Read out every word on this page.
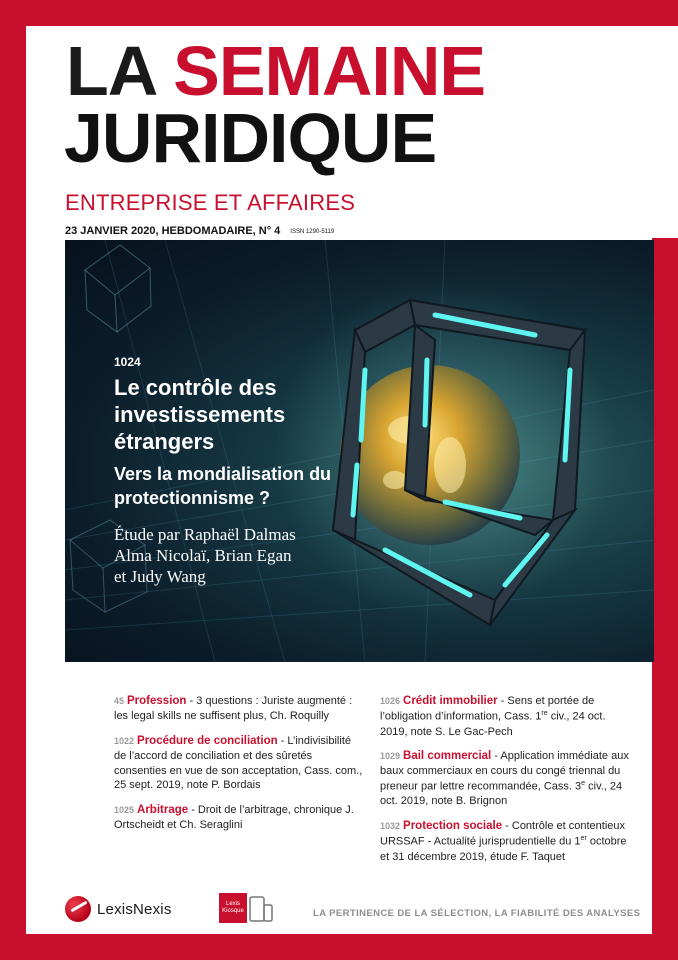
LA SEMAINE
JURIDIQUE
ENTREPRISE ET AFFAIRES
23 JANVIER 2020, HEBDOMADAIRE, N° 4 ISSN 1290-5119
1024
Le contrôle des
investissements
étrangers
Vers la mondialisation du
protectionnisme ?
Étude par Raphaël Dalmas
Alma Nicolaï, Brian Egan
et Judy Wang
45 Profession - 3 questions : Juriste augmenté : les legal skills ne suffisent plus, Ch. Roquilly
1022 Procédure de conciliation - L’indivisibilité de l’accord de conciliation et des sûretés consenties en vue de son acceptation, Cass. com., 25 sept. 2019, note P. Bordais
1025 Arbitrage - Droit de l’arbitrage, chronique J. Ortscheidt et Ch. Seraglini
1026 Crédit immobilier - Sens et portée de l’obligation d’information, Cass. 1re civ., 24 oct. 2019, note S. Le Gac-Pech
1029 Bail commercial - Application immédiate aux baux commerciaux en cours du congé triennal du preneur par lettre recommandée, Cass. 3e civ., 24 oct. 2019, note B. Brignon
1032 Protection sociale - Contrôle et contentieux URSSAF - Actualité jurisprudentielle du 1er octobre et 31 décembre 2019, étude F. Taquet
LexisNexis	Lexis
Kiosque	LA PERTINENCE DE LA SÉLECTION, LA FIABILITÉ DES ANALYSES
